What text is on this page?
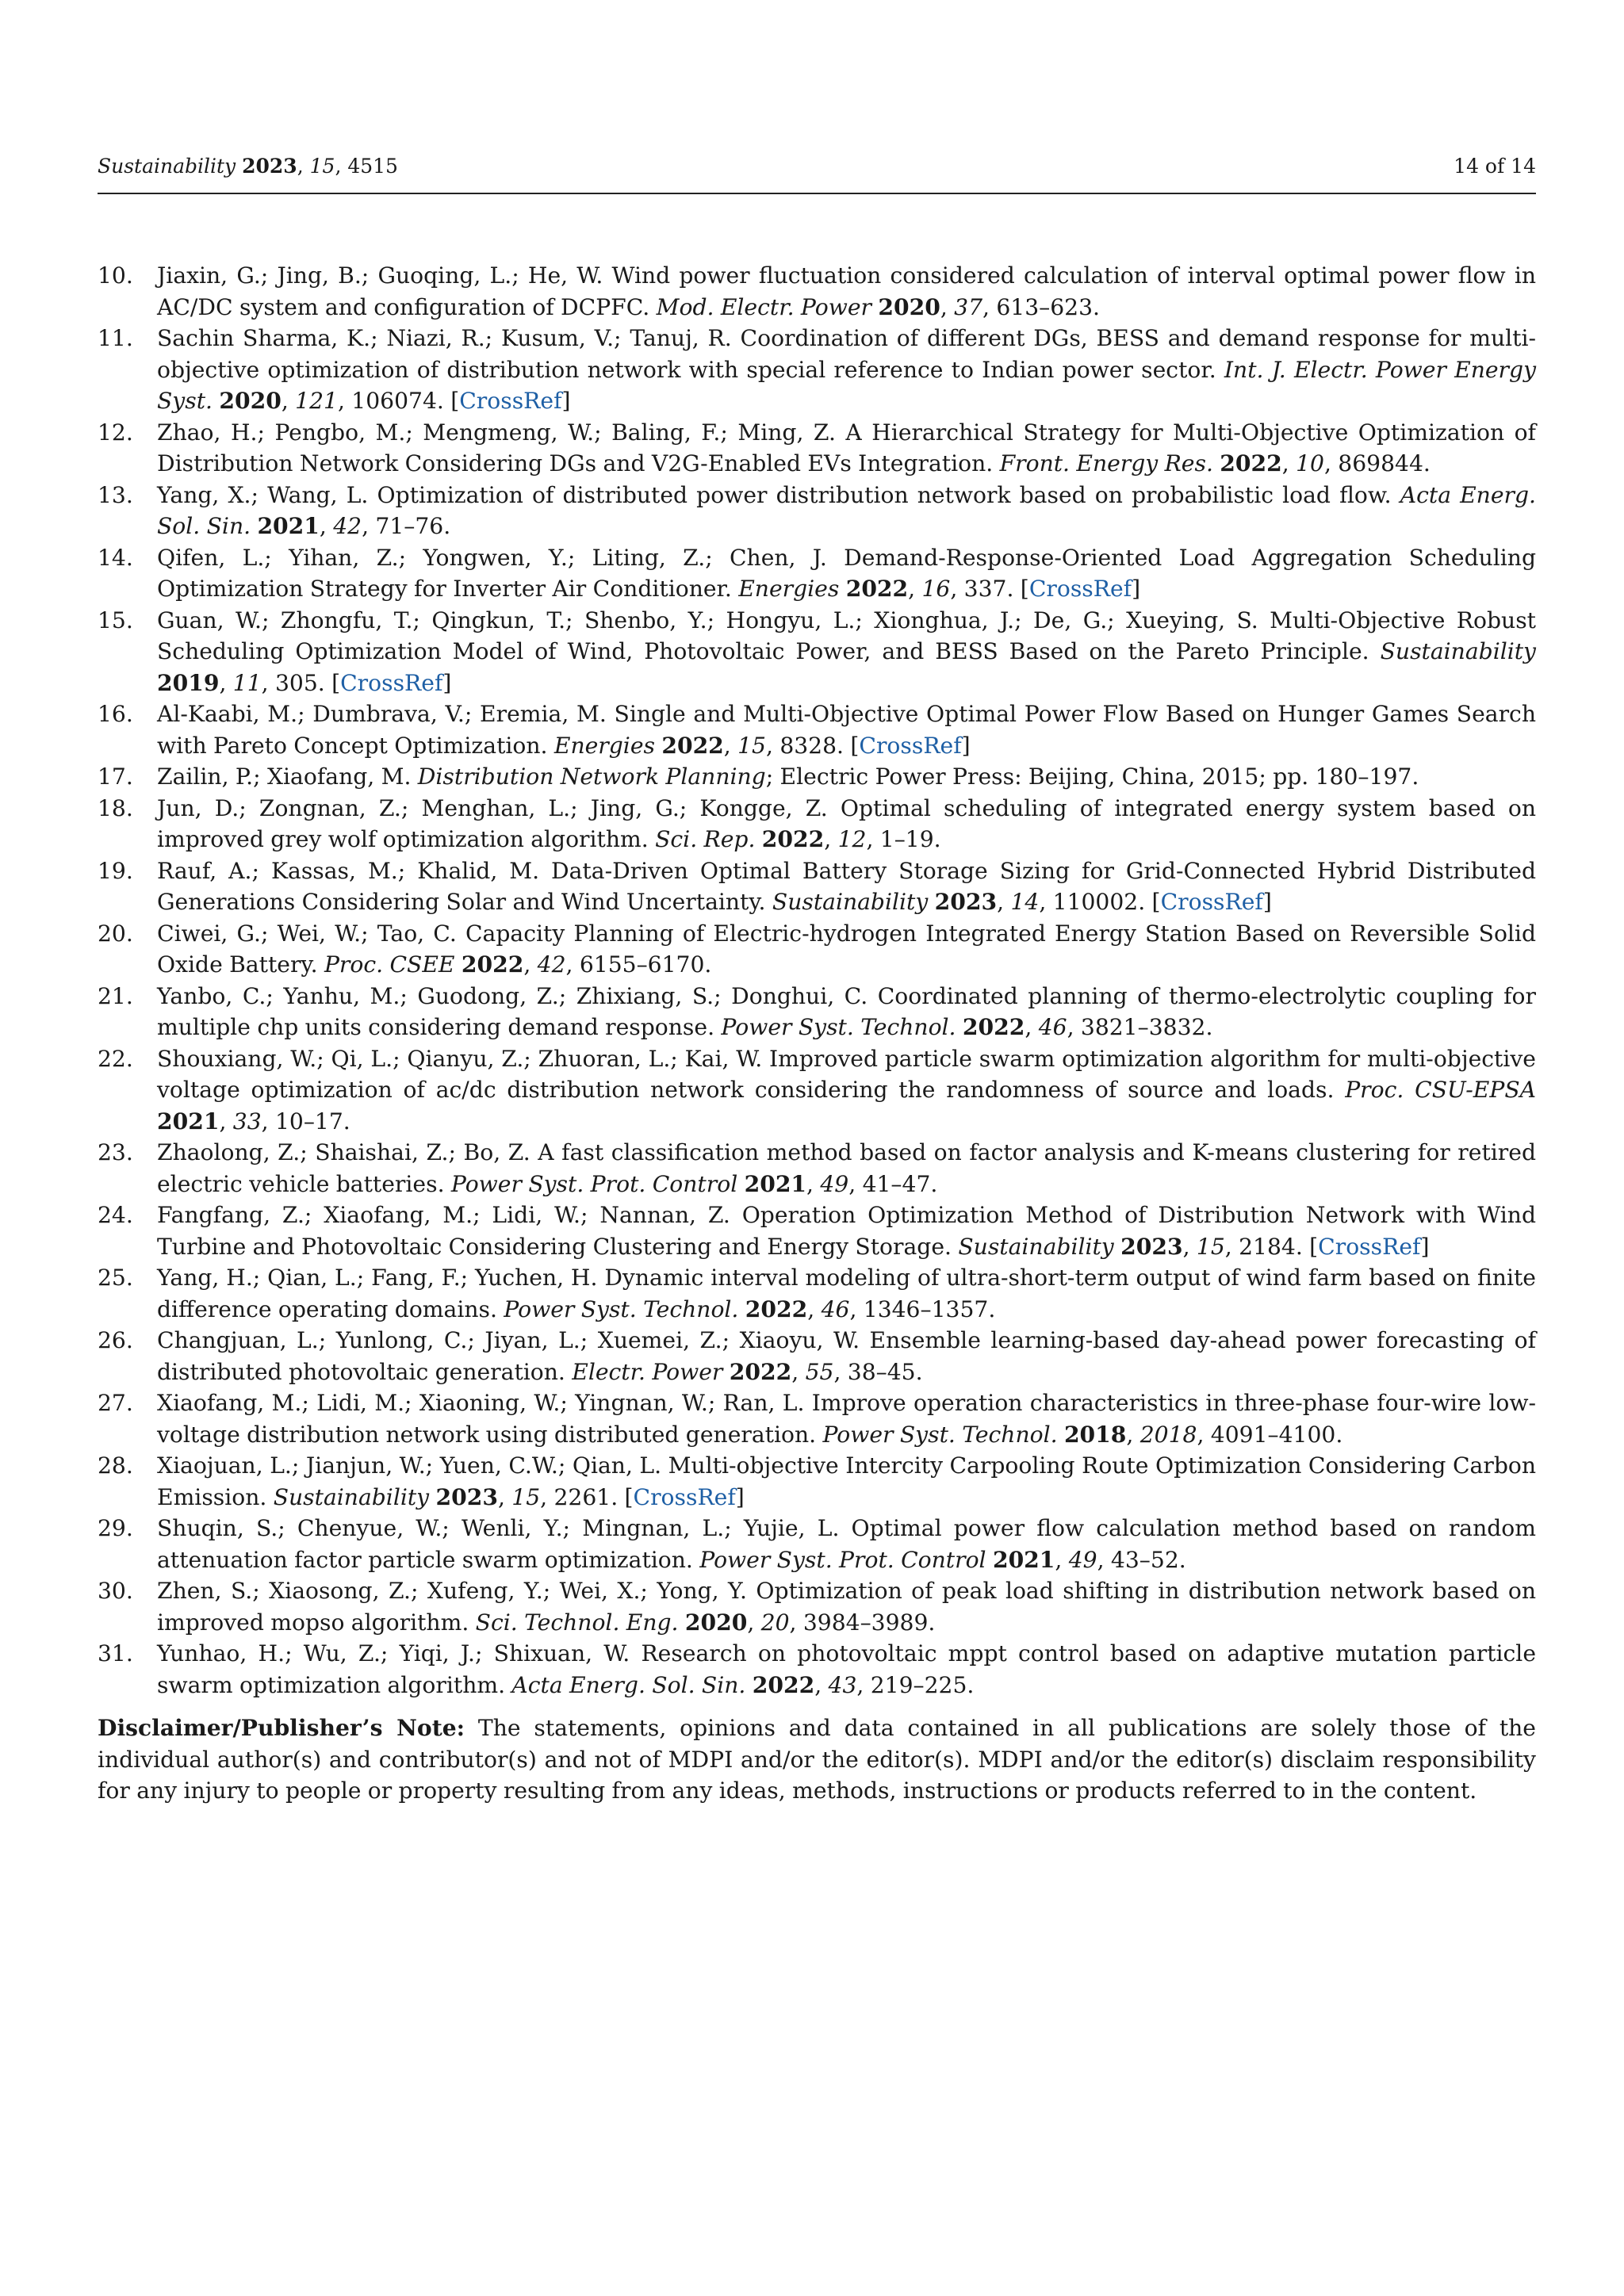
Sustainability 2023, 15, 4515	14 of 14
10. Jiaxin, G.; Jing, B.; Guoqing, L.; He, W. Wind power fluctuation considered calculation of interval optimal power flow in AC/DC system and configuration of DCPFC. Mod. Electr. Power 2020, 37, 613–623.
11. Sachin Sharma, K.; Niazi, R.; Kusum, V.; Tanuj, R. Coordination of different DGs, BESS and demand response for multi-objective optimization of distribution network with special reference to Indian power sector. Int. J. Electr. Power Energy Syst. 2020, 121, 106074. [CrossRef]
12. Zhao, H.; Pengbo, M.; Mengmeng, W.; Baling, F.; Ming, Z. A Hierarchical Strategy for Multi-Objective Optimization of Distribution Network Considering DGs and V2G-Enabled EVs Integration. Front. Energy Res. 2022, 10, 869844.
13. Yang, X.; Wang, L. Optimization of distributed power distribution network based on probabilistic load flow. Acta Energ. Sol. Sin. 2021, 42, 71–76.
14. Qifen, L.; Yihan, Z.; Yongwen, Y.; Liting, Z.; Chen, J. Demand-Response-Oriented Load Aggregation Scheduling Optimization Strategy for Inverter Air Conditioner. Energies 2022, 16, 337. [CrossRef]
15. Guan, W.; Zhongfu, T.; Qingkun, T.; Shenbo, Y.; Hongyu, L.; Xionghua, J.; De, G.; Xueying, S. Multi-Objective Robust Scheduling Optimization Model of Wind, Photovoltaic Power, and BESS Based on the Pareto Principle. Sustainability 2019, 11, 305. [CrossRef]
16. Al-Kaabi, M.; Dumbrava, V.; Eremia, M. Single and Multi-Objective Optimal Power Flow Based on Hunger Games Search with Pareto Concept Optimization. Energies 2022, 15, 8328. [CrossRef]
17. Zailin, P.; Xiaofang, M. Distribution Network Planning; Electric Power Press: Beijing, China, 2015; pp. 180–197.
18. Jun, D.; Zongnan, Z.; Menghan, L.; Jing, G.; Kongge, Z. Optimal scheduling of integrated energy system based on improved grey wolf optimization algorithm. Sci. Rep. 2022, 12, 1–19.
19. Rauf, A.; Kassas, M.; Khalid, M. Data-Driven Optimal Battery Storage Sizing for Grid-Connected Hybrid Distributed Generations Considering Solar and Wind Uncertainty. Sustainability 2023, 14, 110002. [CrossRef]
20. Ciwei, G.; Wei, W.; Tao, C. Capacity Planning of Electric-hydrogen Integrated Energy Station Based on Reversible Solid Oxide Battery. Proc. CSEE 2022, 42, 6155–6170.
21. Yanbo, C.; Yanhu, M.; Guodong, Z.; Zhixiang, S.; Donghui, C. Coordinated planning of thermo-electrolytic coupling for multiple chp units considering demand response. Power Syst. Technol. 2022, 46, 3821–3832.
22. Shouxiang, W.; Qi, L.; Qianyu, Z.; Zhuoran, L.; Kai, W. Improved particle swarm optimization algorithm for multi-objective voltage optimization of ac/dc distribution network considering the randomness of source and loads. Proc. CSU-EPSA 2021, 33, 10–17.
23. Zhaolong, Z.; Shaishai, Z.; Bo, Z. A fast classification method based on factor analysis and K-means clustering for retired electric vehicle batteries. Power Syst. Prot. Control 2021, 49, 41–47.
24. Fangfang, Z.; Xiaofang, M.; Lidi, W.; Nannan, Z. Operation Optimization Method of Distribution Network with Wind Turbine and Photovoltaic Considering Clustering and Energy Storage. Sustainability 2023, 15, 2184. [CrossRef]
25. Yang, H.; Qian, L.; Fang, F.; Yuchen, H. Dynamic interval modeling of ultra-short-term output of wind farm based on finite difference operating domains. Power Syst. Technol. 2022, 46, 1346–1357.
26. Changjuan, L.; Yunlong, C.; Jiyan, L.; Xuemei, Z.; Xiaoyu, W. Ensemble learning-based day-ahead power forecasting of distributed photovoltaic generation. Electr. Power 2022, 55, 38–45.
27. Xiaofang, M.; Lidi, M.; Xiaoning, W.; Yingnan, W.; Ran, L. Improve operation characteristics in three-phase four-wire low-voltage distribution network using distributed generation. Power Syst. Technol. 2018, 2018, 4091–4100.
28. Xiaojuan, L.; Jianjun, W.; Yuen, C.W.; Qian, L. Multi-objective Intercity Carpooling Route Optimization Considering Carbon Emission. Sustainability 2023, 15, 2261. [CrossRef]
29. Shuqin, S.; Chenyue, W.; Wenli, Y.; Mingnan, L.; Yujie, L. Optimal power flow calculation method based on random attenuation factor particle swarm optimization. Power Syst. Prot. Control 2021, 49, 43–52.
30. Zhen, S.; Xiaosong, Z.; Xufeng, Y.; Wei, X.; Yong, Y. Optimization of peak load shifting in distribution network based on improved mopso algorithm. Sci. Technol. Eng. 2020, 20, 3984–3989.
31. Yunhao, H.; Wu, Z.; Yiqi, J.; Shixuan, W. Research on photovoltaic mppt control based on adaptive mutation particle swarm optimization algorithm. Acta Energ. Sol. Sin. 2022, 43, 219–225.

Disclaimer/Publisher’s Note: The statements, opinions and data contained in all publications are solely those of the individual author(s) and contributor(s) and not of MDPI and/or the editor(s). MDPI and/or the editor(s) disclaim responsibility for any injury to people or property resulting from any ideas, methods, instructions or products referred to in the content.
